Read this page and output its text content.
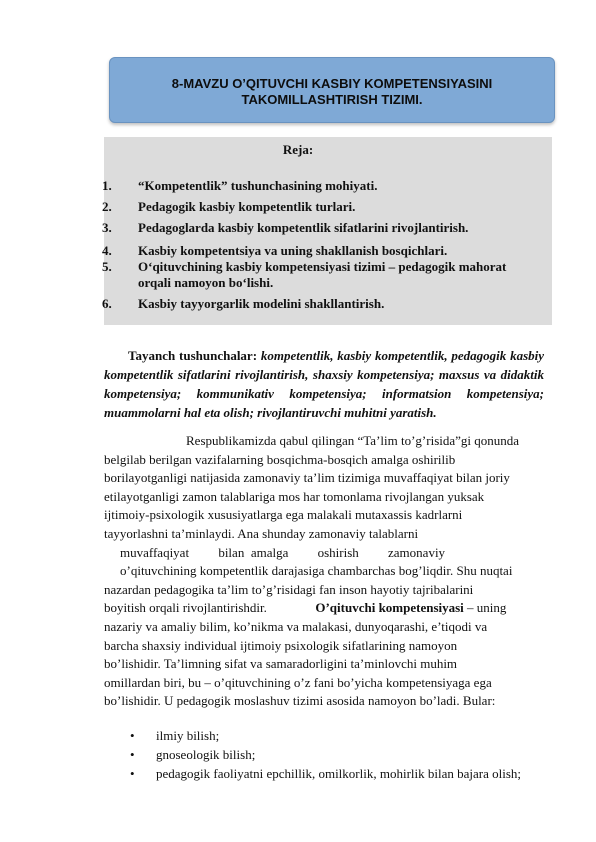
8-MAVZU O’QITUVCHI KASBIY KOMPETENSIYASINI
TAKOMILLASHTIRISH TIZIMI.
Reja:
1. “Kompetentlik” tushunchasining mohiyati.
2. Pedagogik kasbiy kompetentlik turlari.
3. Pedagoglarda kasbiy kompetentlik sifatlarini rivojlantirish.
4. Kasbiy kompetentsiya va uning shakllanish bosqichlari.
5. O‘qituvchining kasbiy kompetensiyasi tizimi – pedagogik mahorat orqali namoyon bo‘lishi.
6. Kasbiy tayyorgarlik modelini shakllantirish.
Tayanch tushunchalar: kompetentlik, kasbiy kompetentlik, pedagogik kasbiy kompetentlik sifatlarini rivojlantirish, shaxsiy kompetensiya; maxsus va didaktik kompetensiya; kommunikativ kompetensiya; informatsion kompetensiya; muammolarni hal eta olish; rivojlantiruvchi muhitni yaratish.

Respublikamizda qabul qilingan “Ta’lim to’g’risida”gi qonunda

belgilab berilgan vazifalarning bosqichma-bosqich amalga oshirilib

borilayotganligi natijasida zamonaviy ta’lim tizimiga muvaffaqiyat bilan joriy

etilayotganligi zamon talablariga mos har tomonlama rivojlangan yuksak

ijtimoiy-psixologik xususiyatlarga ega malakali mutaxassis kadrlarni

tayyorlashni ta’minlaydi. Ana shunday zamonaviy talablarni

muvaffaqiyat         bilan  amalga         oshirish         zamonaviy

o’qituvchining kompetentlik darajasiga chambarchas bog’liqdir. Shu nuqtai

nazardan pedagogika ta’lim to’g’risidagi fan inson hayotiy tajribalarini

boyitish orqali rivojlantirishdir.	O’qituvchi kompetensiyasi – uning

nazariy va amaliy bilim, ko’nikma va malakasi, dunyoqarashi, e’tiqodi va

barcha shaxsiy individual ijtimoiy psixologik sifatlarining namoyon

bo’lishidir. Ta’limning sifat va samaradorligini ta’minlovchi muhim

omillardan biri, bu – o’qituvchining o’z fani bo’yicha kompetensiyaga ega

bo’lishidir. U pedagogik moslashuv tizimi asosida namoyon bo’ladi. Bular:

• ilmiy bilish;
• gnoseologik bilish;
• pedagogik faoliyatni epchillik, omilkorlik, mohirlik bilan bajara olish;
